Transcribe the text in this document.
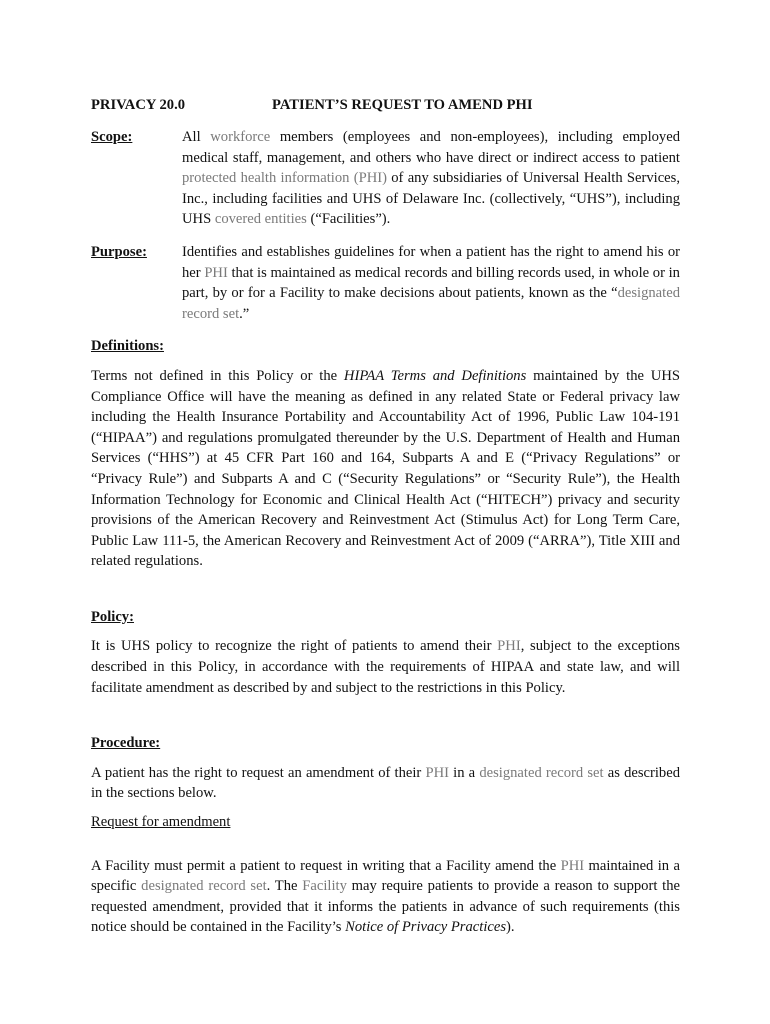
PRIVACY 20.0	PATIENT’S REQUEST TO AMEND PHI
Scope:	All workforce members (employees and non-employees), including employed medical staff, management, and others who have direct or indirect access to patient protected health information (PHI) of any subsidiaries of Universal Health Services, Inc., including facilities and UHS of Delaware Inc. (collectively, “UHS”), including UHS covered entities (“Facilities”).
Purpose:	Identifies and establishes guidelines for when a patient has the right to amend his or her PHI that is maintained as medical records and billing records used, in whole or in part, by or for a Facility to make decisions about patients, known as the “designated record set.”
Definitions:

Terms not defined in this Policy or the HIPAA Terms and Definitions maintained by the UHS Compliance Office will have the meaning as defined in any related State or Federal privacy law including the Health Insurance Portability and Accountability Act of 1996, Public Law 104-191 (“HIPAA”) and regulations promulgated thereunder by the U.S. Department of Health and Human Services (“HHS”) at 45 CFR Part 160 and 164, Subparts A and E (“Privacy Regulations” or “Privacy Rule”) and Subparts A and C (“Security Regulations” or “Security Rule”), the Health Information Technology for Economic and Clinical Health Act (“HITECH”) privacy and security provisions of the American Recovery and Reinvestment Act (Stimulus Act) for Long Term Care, Public Law 111-5, the American Recovery and Reinvestment Act of 2009 (“ARRA”), Title XIII and related regulations.

Policy:

It is UHS policy to recognize the right of patients to amend their PHI, subject to the exceptions described in this Policy, in accordance with the requirements of HIPAA and state law, and will facilitate amendment as described by and subject to the restrictions in this Policy.

Procedure:

A patient has the right to request an amendment of their PHI in a designated record set as described in the sections below.

Request for amendment

A Facility must permit a patient to request in writing that a Facility amend the PHI maintained in a specific designated record set. The Facility may require patients to provide a reason to support the requested amendment, provided that it informs the patients in advance of such requirements (this notice should be contained in the Facility’s Notice of Privacy Practices).
